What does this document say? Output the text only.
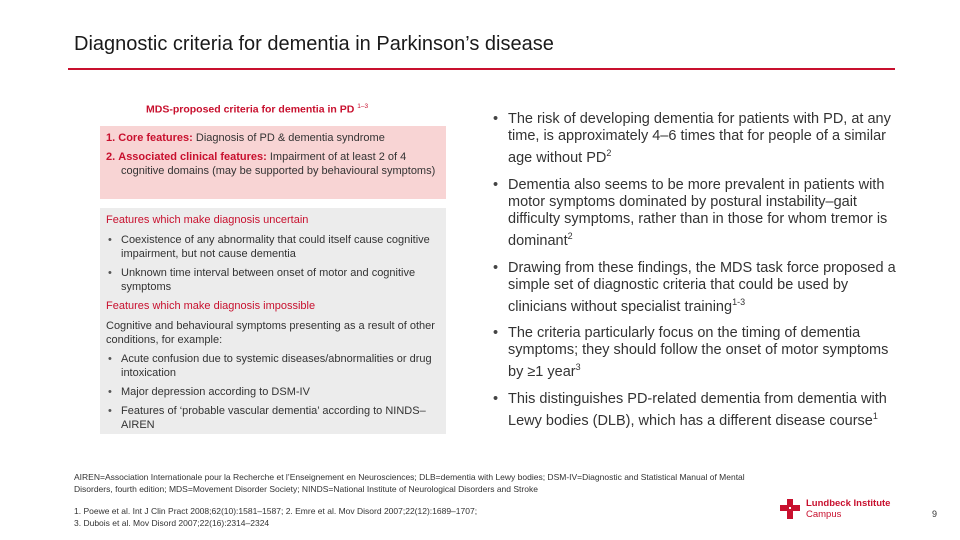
Diagnostic criteria for dementia in Parkinson’s disease
MDS-proposed criteria for dementia in PD $^{1-3}$
1. Core features: Diagnosis of PD & dementia syndrome
2. Associated clinical features: Impairment of at least 2 of 4
cognitive domains (may be supported by behavioural symptoms)
Features which make diagnosis uncertain
• Coexistence of any abnormality that could itself cause cognitive impairment, but not cause dementia
• Unknown time interval between onset of motor and cognitive symptoms
Features which make diagnosis impossible
Cognitive and behavioural symptoms presenting as a result of other conditions, for example:
• Acute confusion due to systemic diseases/abnormalities or drug intoxication
• Major depression according to DSM-IV
• Features of ‘probable vascular dementia’ according to NINDS–AIREN
• The risk of developing dementia for patients with PD, at any time, is approximately 4–6 times that for people of a similar age without $PD^2$
• Dementia also seems to be more prevalent in patients with motor symptoms dominated by postural instability–gait difficulty symptoms, rather than in those for whom tremor is dominant$^2$
• Drawing from these findings, the MDS task force proposed a simple set of diagnostic criteria that could be used by clinicians without specialist training$^{1-3}$
• The criteria particularly focus on the timing of dementia symptoms; they should follow the onset of motor symptoms by ≥1 year$^3$
• This distinguishes PD-related dementia from dementia with Lewy bodies (DLB), which has a different disease course$^1$
AIREN=Association Internationale pour la Recherche et l’Enseignement en Neurosciences; DLB=dementia with Lewy bodies; DSM-IV=Diagnostic and Statistical Manual of Mental Disorders, fourth edition; MDS=Movement Disorder Society; NINDS=National Institute of Neurological Disorders and Stroke
1. Poewe et al. Int J Clin Pract 2008;62(10):1581–1587; 2. Emre et al. Mov Disord 2007;22(12):1689–1707;
3. Dubois et al. Mov Disord 2007;22(16):2314–2324
Lundbeck Institute
Campus	9
